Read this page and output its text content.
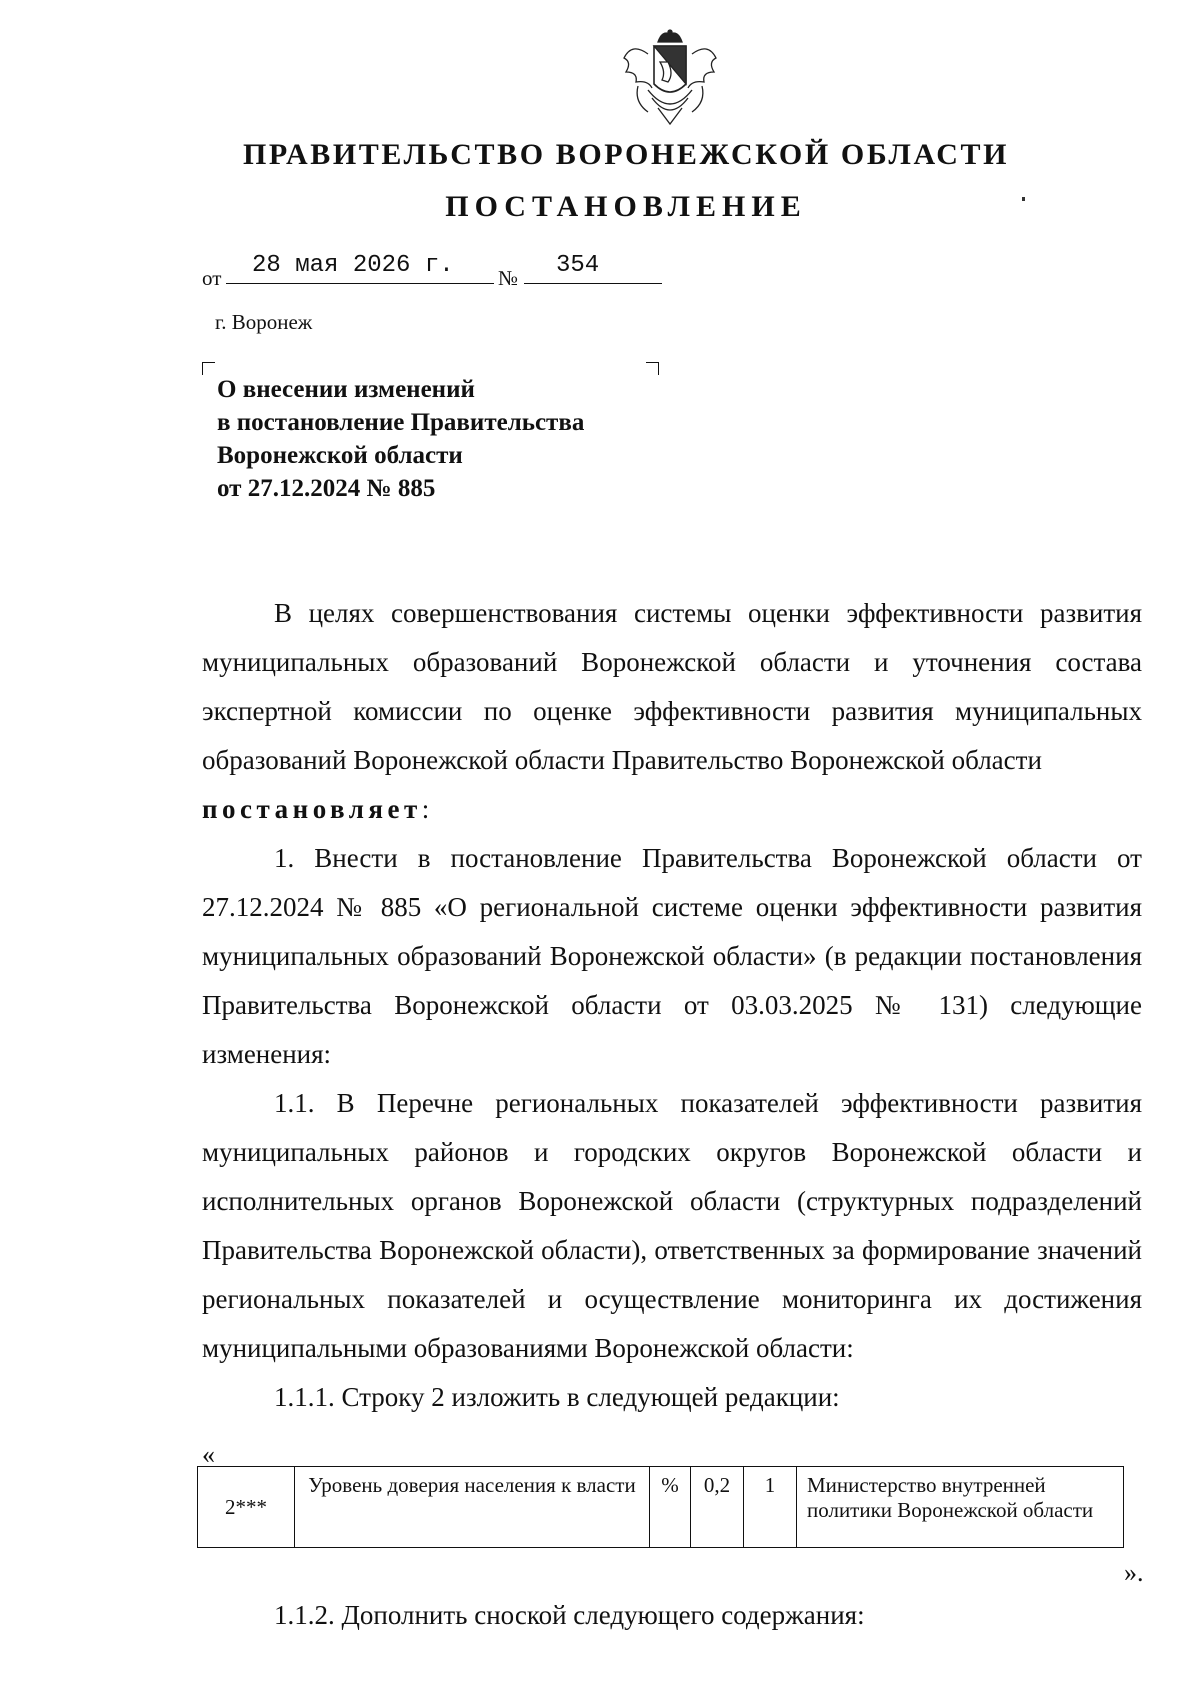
ПРАВИТЕЛЬСТВО ВОРОНЕЖСКОЙ ОБЛАСТИ
ПОСТАНОВЛЕНИЕ
от	28 мая 2026 г.	№	354
г. Воронеж
О внесении изменений
в постановление Правительства
Воронежской области
от 27.12.2024 № 885

В целях совершенствования системы оценки эффективности развития муниципальных образований Воронежской области и уточнения состава экспертной комиссии по оценке эффективности развития муниципальных образований Воронежской области Правительство Воронежской области

постановляет:

1. Внести в постановление Правительства Воронежской области от 27.12.2024 № 885 «О региональной системе оценки эффективности развития муниципальных образований Воронежской области» (в редакции постановления Правительства Воронежской области от 03.03.2025 № 131) следующие изменения:

1.1. В Перечне региональных показателей эффективности развития муниципальных районов и городских округов Воронежской области и исполнительных органов Воронежской области (структурных подразделений Правительства Воронежской области), ответственных за формирование значений региональных показателей и осуществление мониторинга их достижения муниципальными образованиями Воронежской области:

1.1.1. Строку 2 изложить в следующей редакции:

«
2***	Уровень доверия населения к власти	%	0,2	1	Министерство внутренней политики Воронежской области
».

1.1.2. Дополнить сноской следующего содержания:
